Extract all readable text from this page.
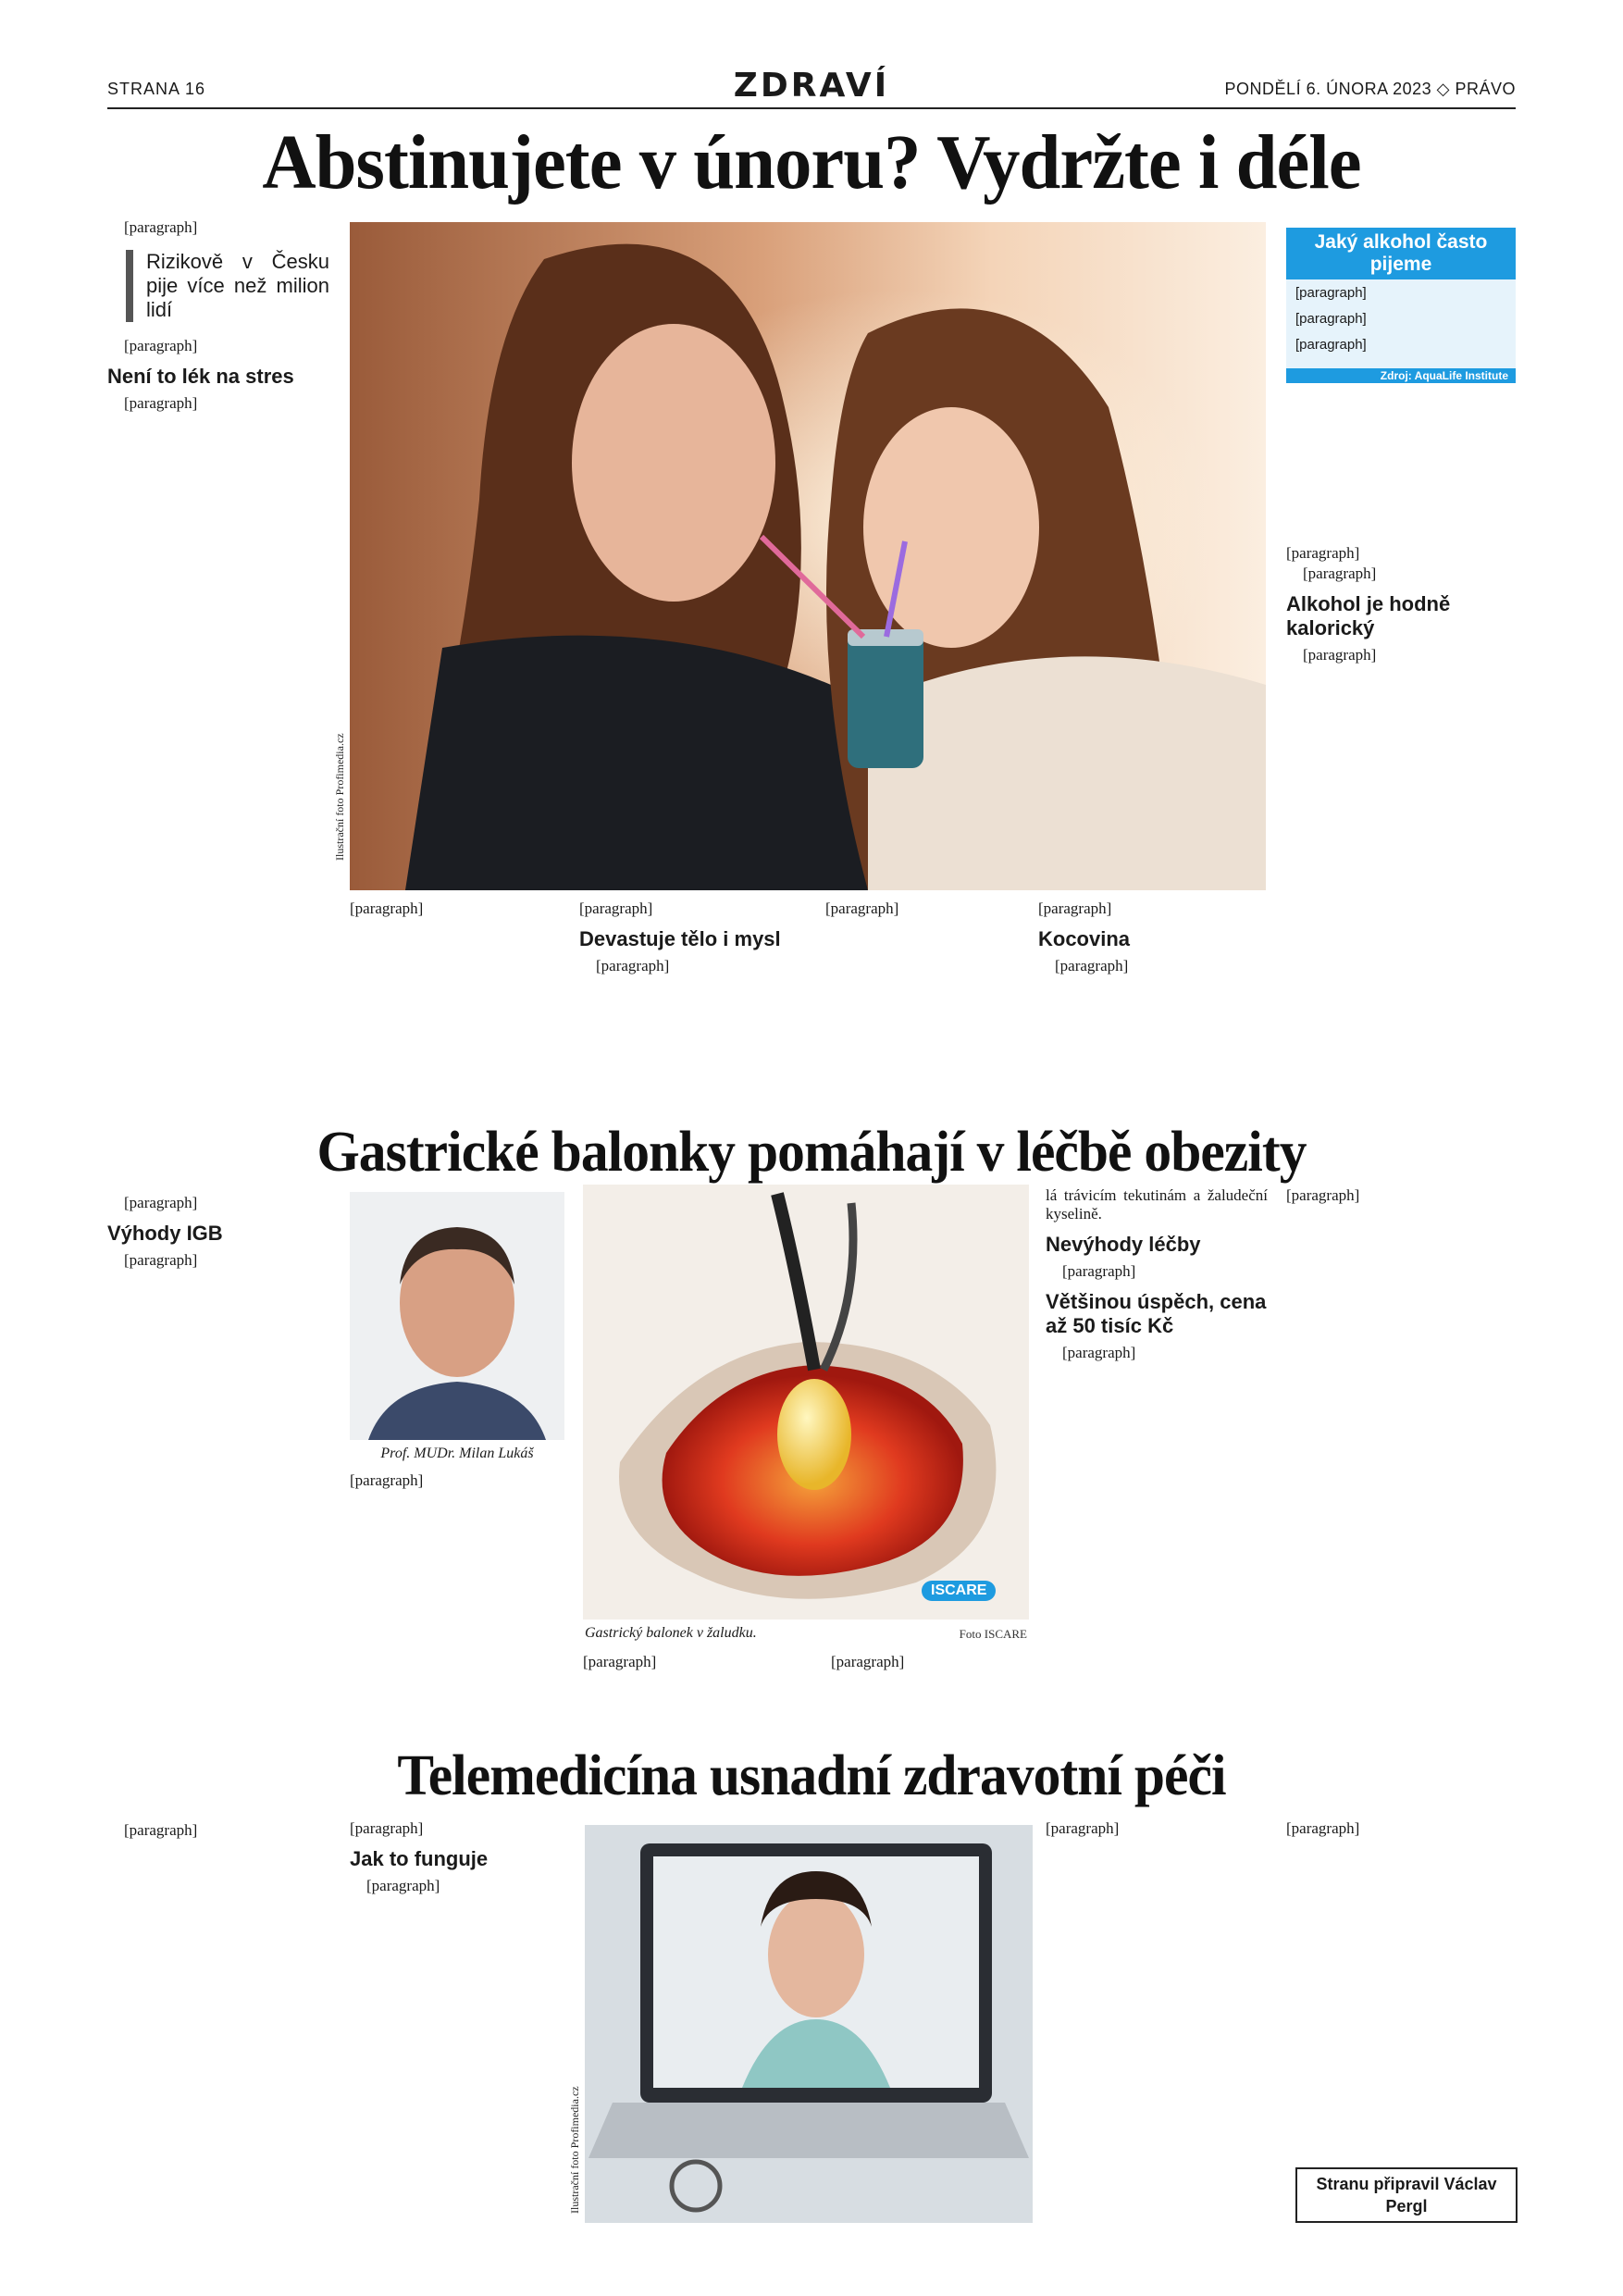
STRANA 16	ZDRAVÍ	PONDĚLÍ 6. ÚNORA 2023 ◇ PRÁVO
Abstinujete v únoru? Vydržte i déle

[paragraph]

Rizikově v Česku pije více než milion lidí

[paragraph]

Není to lék na stres

[paragraph]

Ilustrační foto Profimedia.cz
Jaký alkohol často pijeme

[paragraph]

[paragraph]

[paragraph]

Zdroj: AquaLife Institute

[paragraph]

[paragraph]

Alkohol je hodně kalorický

[paragraph]

[paragraph]	[paragraph]

Devastuje tělo i mysl

[paragraph]

[paragraph]	[paragraph]

Kocovina

[paragraph]

Gastrické balonky pomáhají v léčbě obezity

[paragraph]

Výhody IGB

[paragraph]

Prof. MUDr. Milan Lukáš
ISCARE
Gastrický balonek v žaludku.	Foto ISCARE

[paragraph]

[paragraph]	[paragraph]

lá trávicím tekutinám a žaludeční kyselině.

Nevýhody léčby

[paragraph]

Většinou úspěch, cena až 50 tisíc Kč

[paragraph]

[paragraph]

Telemedicína usnadní zdravotní péči

[paragraph]

Ilustrační foto Profimedia.cz

[paragraph]

Jak to funguje

[paragraph]

[paragraph]	[paragraph]

Stranu připravil Václav Pergl
